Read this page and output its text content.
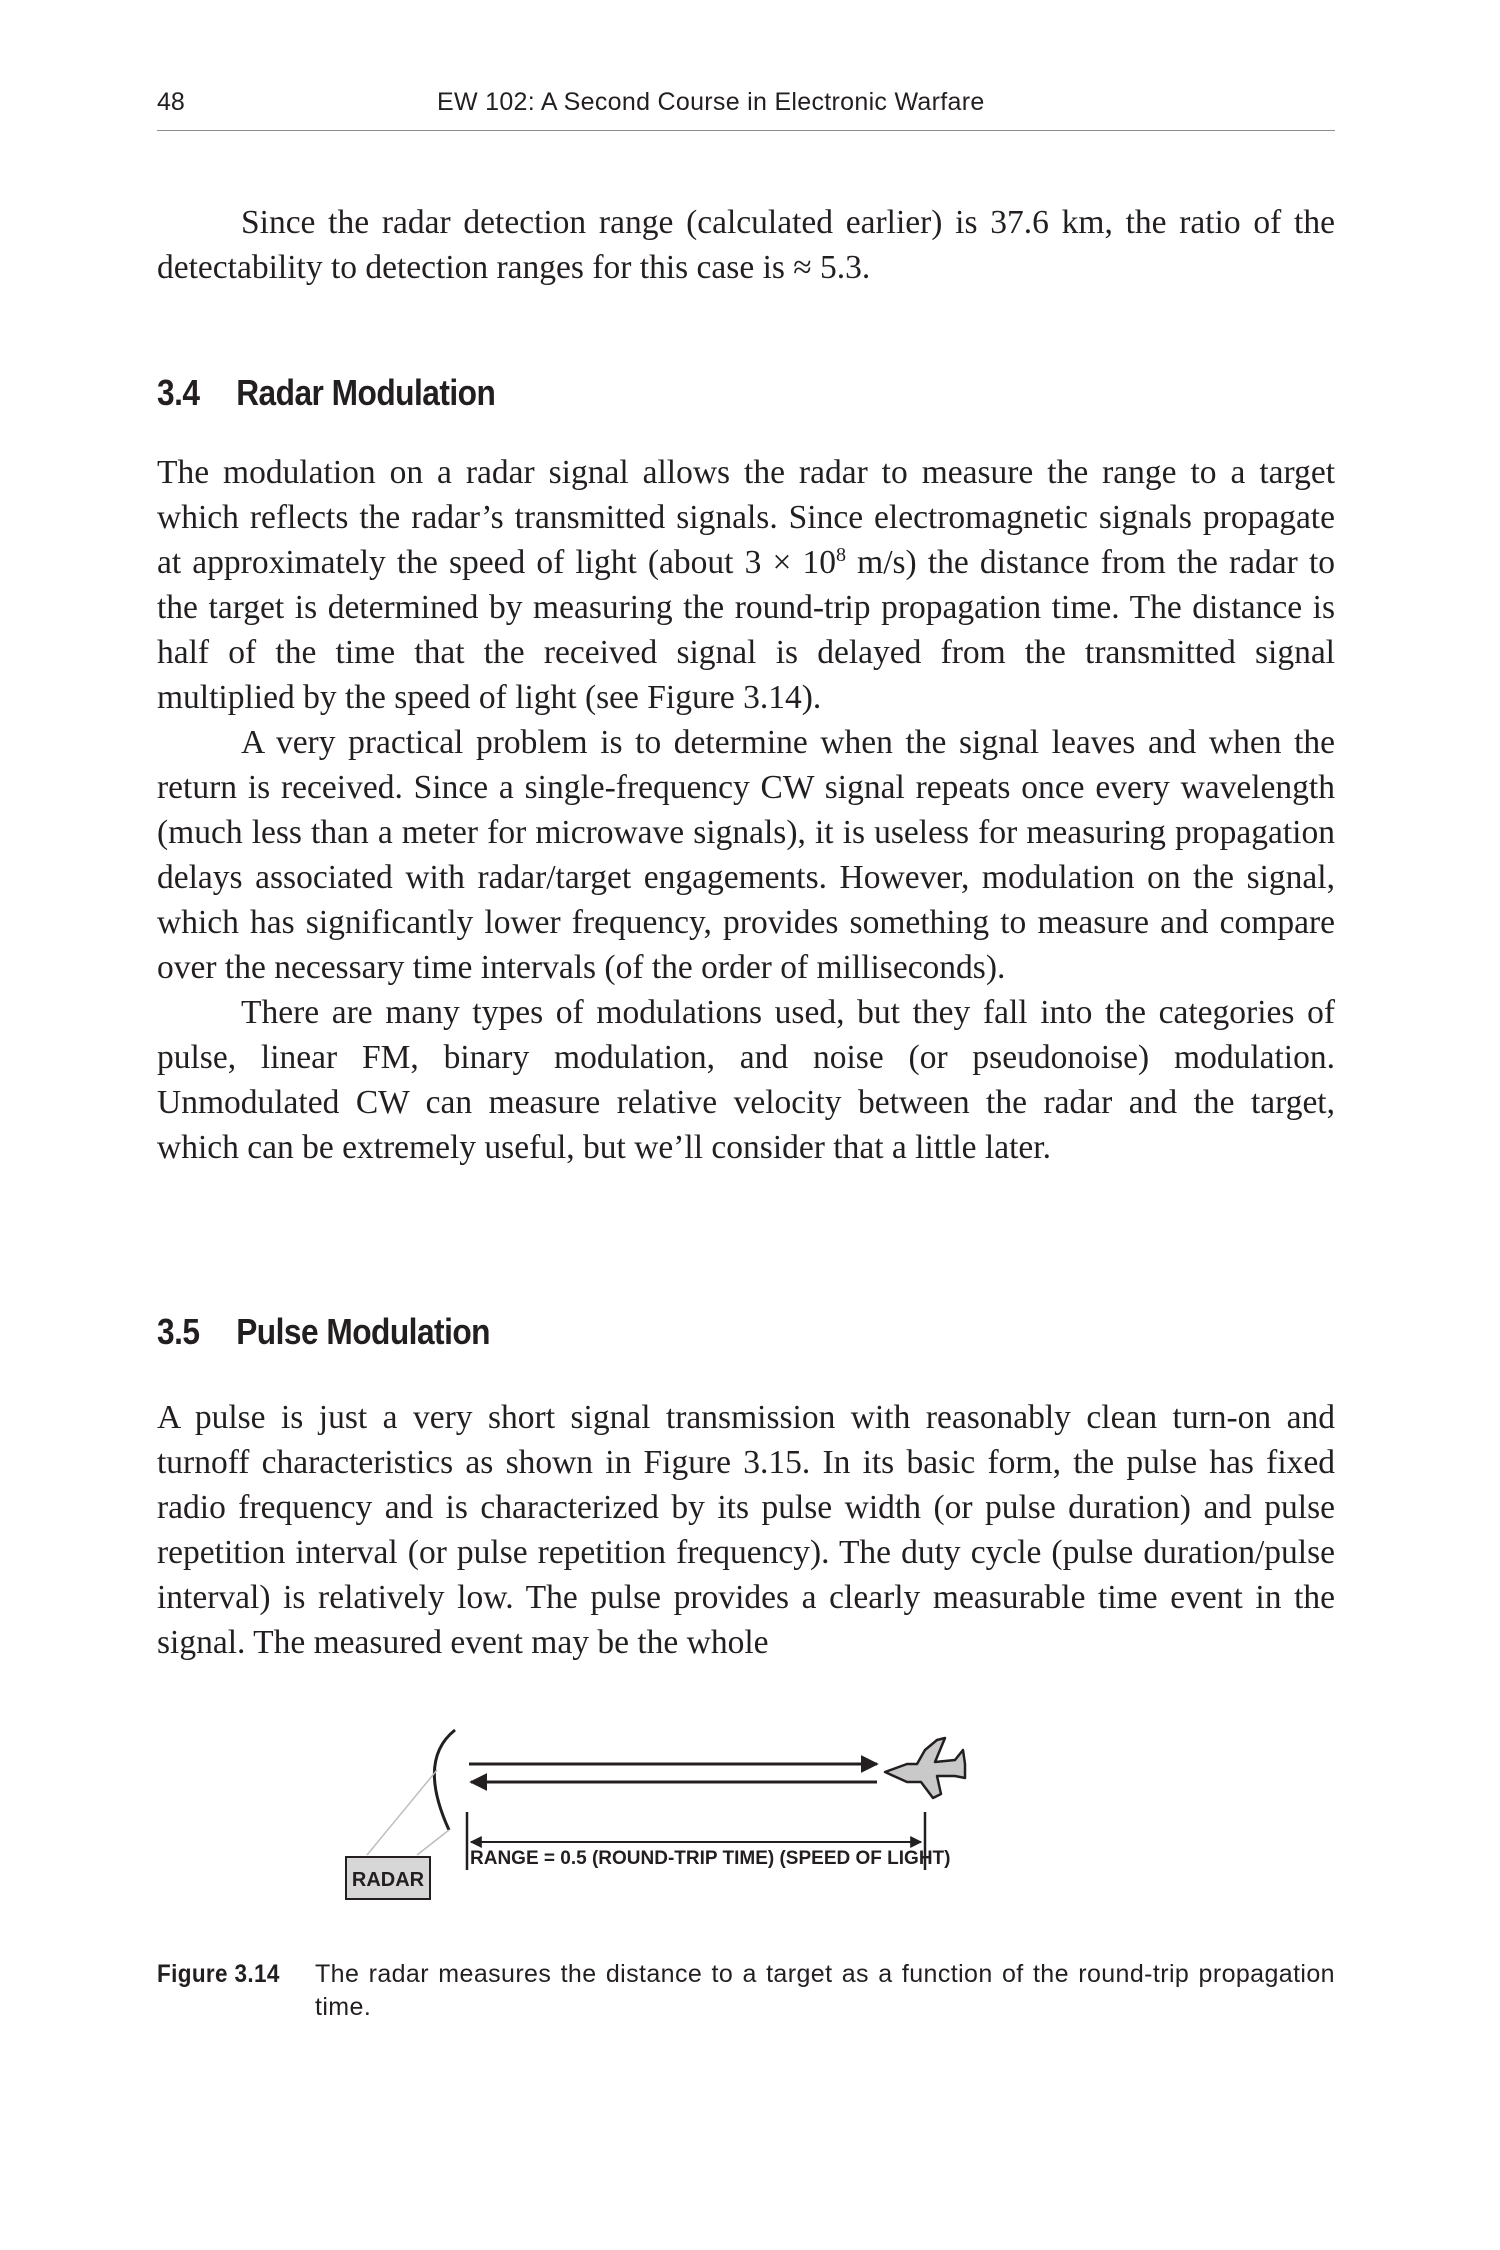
48	EW 102: A Second Course in Electronic Warfare

Since the radar detection range (calculated earlier) is 37.6 km, the ratio of the detectability to detection ranges for this case is ≈ 5.3.

3.4 Radar Modulation

The modulation on a radar signal allows the radar to measure the range to a target which reflects the radar’s transmitted signals. Since electromagnetic signals propagate at approximately the speed of light (about $3 \times 10^8$ m/s) the distance from the radar to the target is determined by measuring the round-trip propagation time. The distance is half of the time that the received signal is delayed from the transmitted signal multiplied by the speed of light (see Figure 3.14).

A very practical problem is to determine when the signal leaves and when the return is received. Since a single-frequency CW signal repeats once every wavelength (much less than a meter for microwave signals), it is useless for measuring propagation delays associated with radar/target engagements. However, modulation on the signal, which has significantly lower frequency, provides something to measure and compare over the necessary time intervals (of the order of milliseconds).

There are many types of modulations used, but they fall into the categories of pulse, linear FM, binary modulation, and noise (or pseudonoise) modulation. Unmodulated CW can measure relative velocity between the radar and the target, which can be extremely useful, but we’ll consider that a little later.

3.5 Pulse Modulation

A pulse is just a very short signal transmission with reasonably clean turn-on and turnoff characteristics as shown in Figure 3.15. In its basic form, the pulse has fixed radio frequency and is characterized by its pulse width (or pulse duration) and pulse repetition interval (or pulse repetition frequency). The duty cycle (pulse duration/pulse interval) is relatively low. The pulse provides a clearly measurable time event in the signal. The measured event may be the whole

RADAR
RANGE = 0.5 (ROUND-TRIP TIME) (SPEED OF LIGHT)
Figure 3.14 The radar measures the distance to a target as a function of the round-trip propagation time.
